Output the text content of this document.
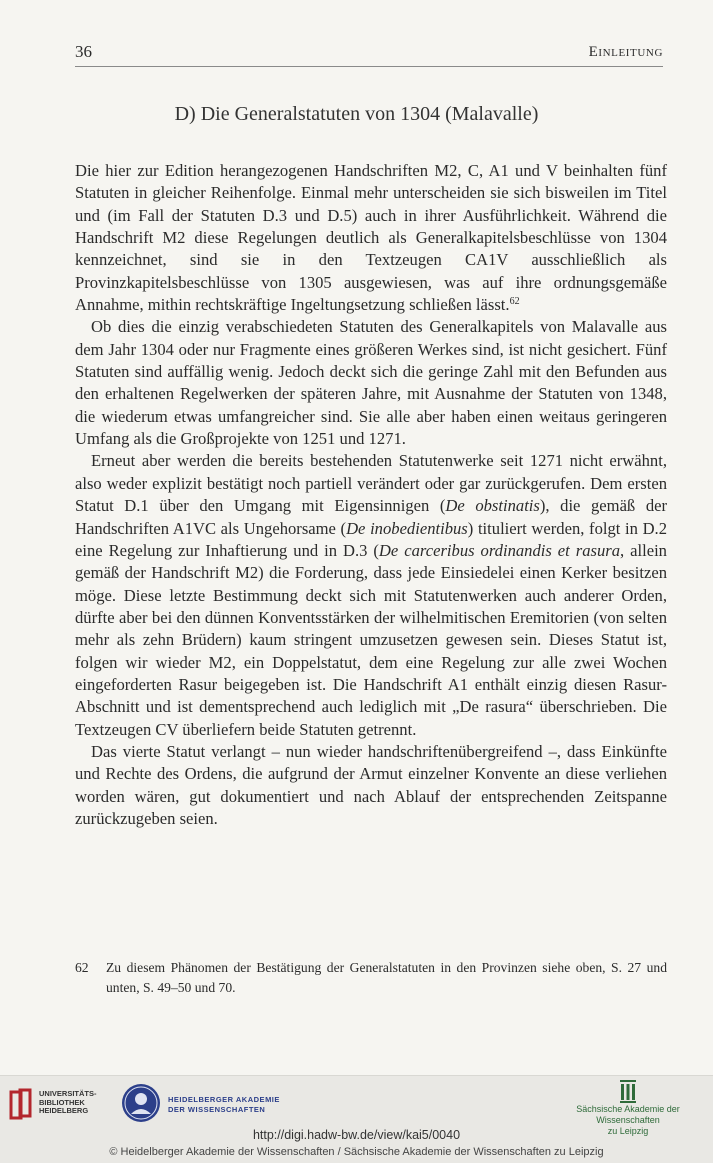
36	Einleitung
D) Die Generalstatuten von 1304 (Malavalle)

Die hier zur Edition herangezogenen Handschriften M2, C, A1 und V beinhalten fünf Statuten in gleicher Reihenfolge. Einmal mehr unterscheiden sie sich bisweilen im Titel und (im Fall der Statuten D.3 und D.5) auch in ihrer Ausführlichkeit. Während die Handschrift M2 diese Regelungen deutlich als Generalkapitelsbeschlüsse von 1304 kennzeichnet, sind sie in den Textzeugen CA1V ausschließlich als Provinzkapitelsbeschlüsse von 1305 ausgewiesen, was auf ihre ordnungsgemäße Annahme, mithin rechtskräftige Ingeltungsetzung schließen lässt.$^{62}$

Ob dies die einzig verabschiedeten Statuten des Generalkapitels von Malavalle aus dem Jahr 1304 oder nur Fragmente eines größeren Werkes sind, ist nicht gesichert. Fünf Statuten sind auffällig wenig. Jedoch deckt sich die geringe Zahl mit den Befunden aus den erhaltenen Regelwerken der späteren Jahre, mit Ausnahme der Statuten von 1348, die wiederum etwas umfangreicher sind. Sie alle aber haben einen weitaus geringeren Umfang als die Großprojekte von 1251 und 1271.

Erneut aber werden die bereits bestehenden Statutenwerke seit 1271 nicht erwähnt, also weder explizit bestätigt noch partiell verändert oder gar zurückgerufen. Dem ersten Statut D.1 über den Umgang mit Eigensinnigen (De obstinatis), die gemäß der Handschriften A1VC als Ungehorsame (De inobedientibus) tituliert werden, folgt in D.2 eine Regelung zur Inhaftierung und in D.3 (De carceribus ordinandis et rasura, allein gemäß der Handschrift M2) die Forderung, dass jede Einsiedelei einen Kerker besitzen möge. Diese letzte Bestimmung deckt sich mit Statutenwerken auch anderer Orden, dürfte aber bei den dünnen Konventsstärken der wilhelmitischen Eremitorien (von selten mehr als zehn Brüdern) kaum stringent umzusetzen gewesen sein. Dieses Statut ist, folgen wir wieder M2, ein Doppelstatut, dem eine Regelung zur alle zwei Wochen eingeforderten Rasur beigegeben ist. Die Handschrift A1 enthält einzig diesen Rasur-Abschnitt und ist dementsprechend auch lediglich mit „De rasura“ überschrieben. Die Textzeugen CV überliefern beide Statuten getrennt.

Das vierte Statut verlangt – nun wieder handschriftenübergreifend –, dass Einkünfte und Rechte des Ordens, die aufgrund der Armut einzelner Konvente an diese verliehen worden wären, gut dokumentiert und nach Ablauf der entsprechenden Zeitspanne zurückzugeben seien.

62 Zu diesem Phänomen der Bestätigung der Generalstatuten in den Provinzen siehe oben, S. 27 und unten, S. 49–50 und 70.
UNIVERSITÄTS-
BIBLIOTHEK
HEIDELBERG
HEIDELBERGER AKADEMIE
DER WISSENSCHAFTEN	Sächsische Akademie der Wissenschaften
zu Leipzig
http://digi.hadw-bw.de/view/kai5/0040
© Heidelberger Akademie der Wissenschaften / Sächsische Akademie der Wissenschaften zu Leipzig
